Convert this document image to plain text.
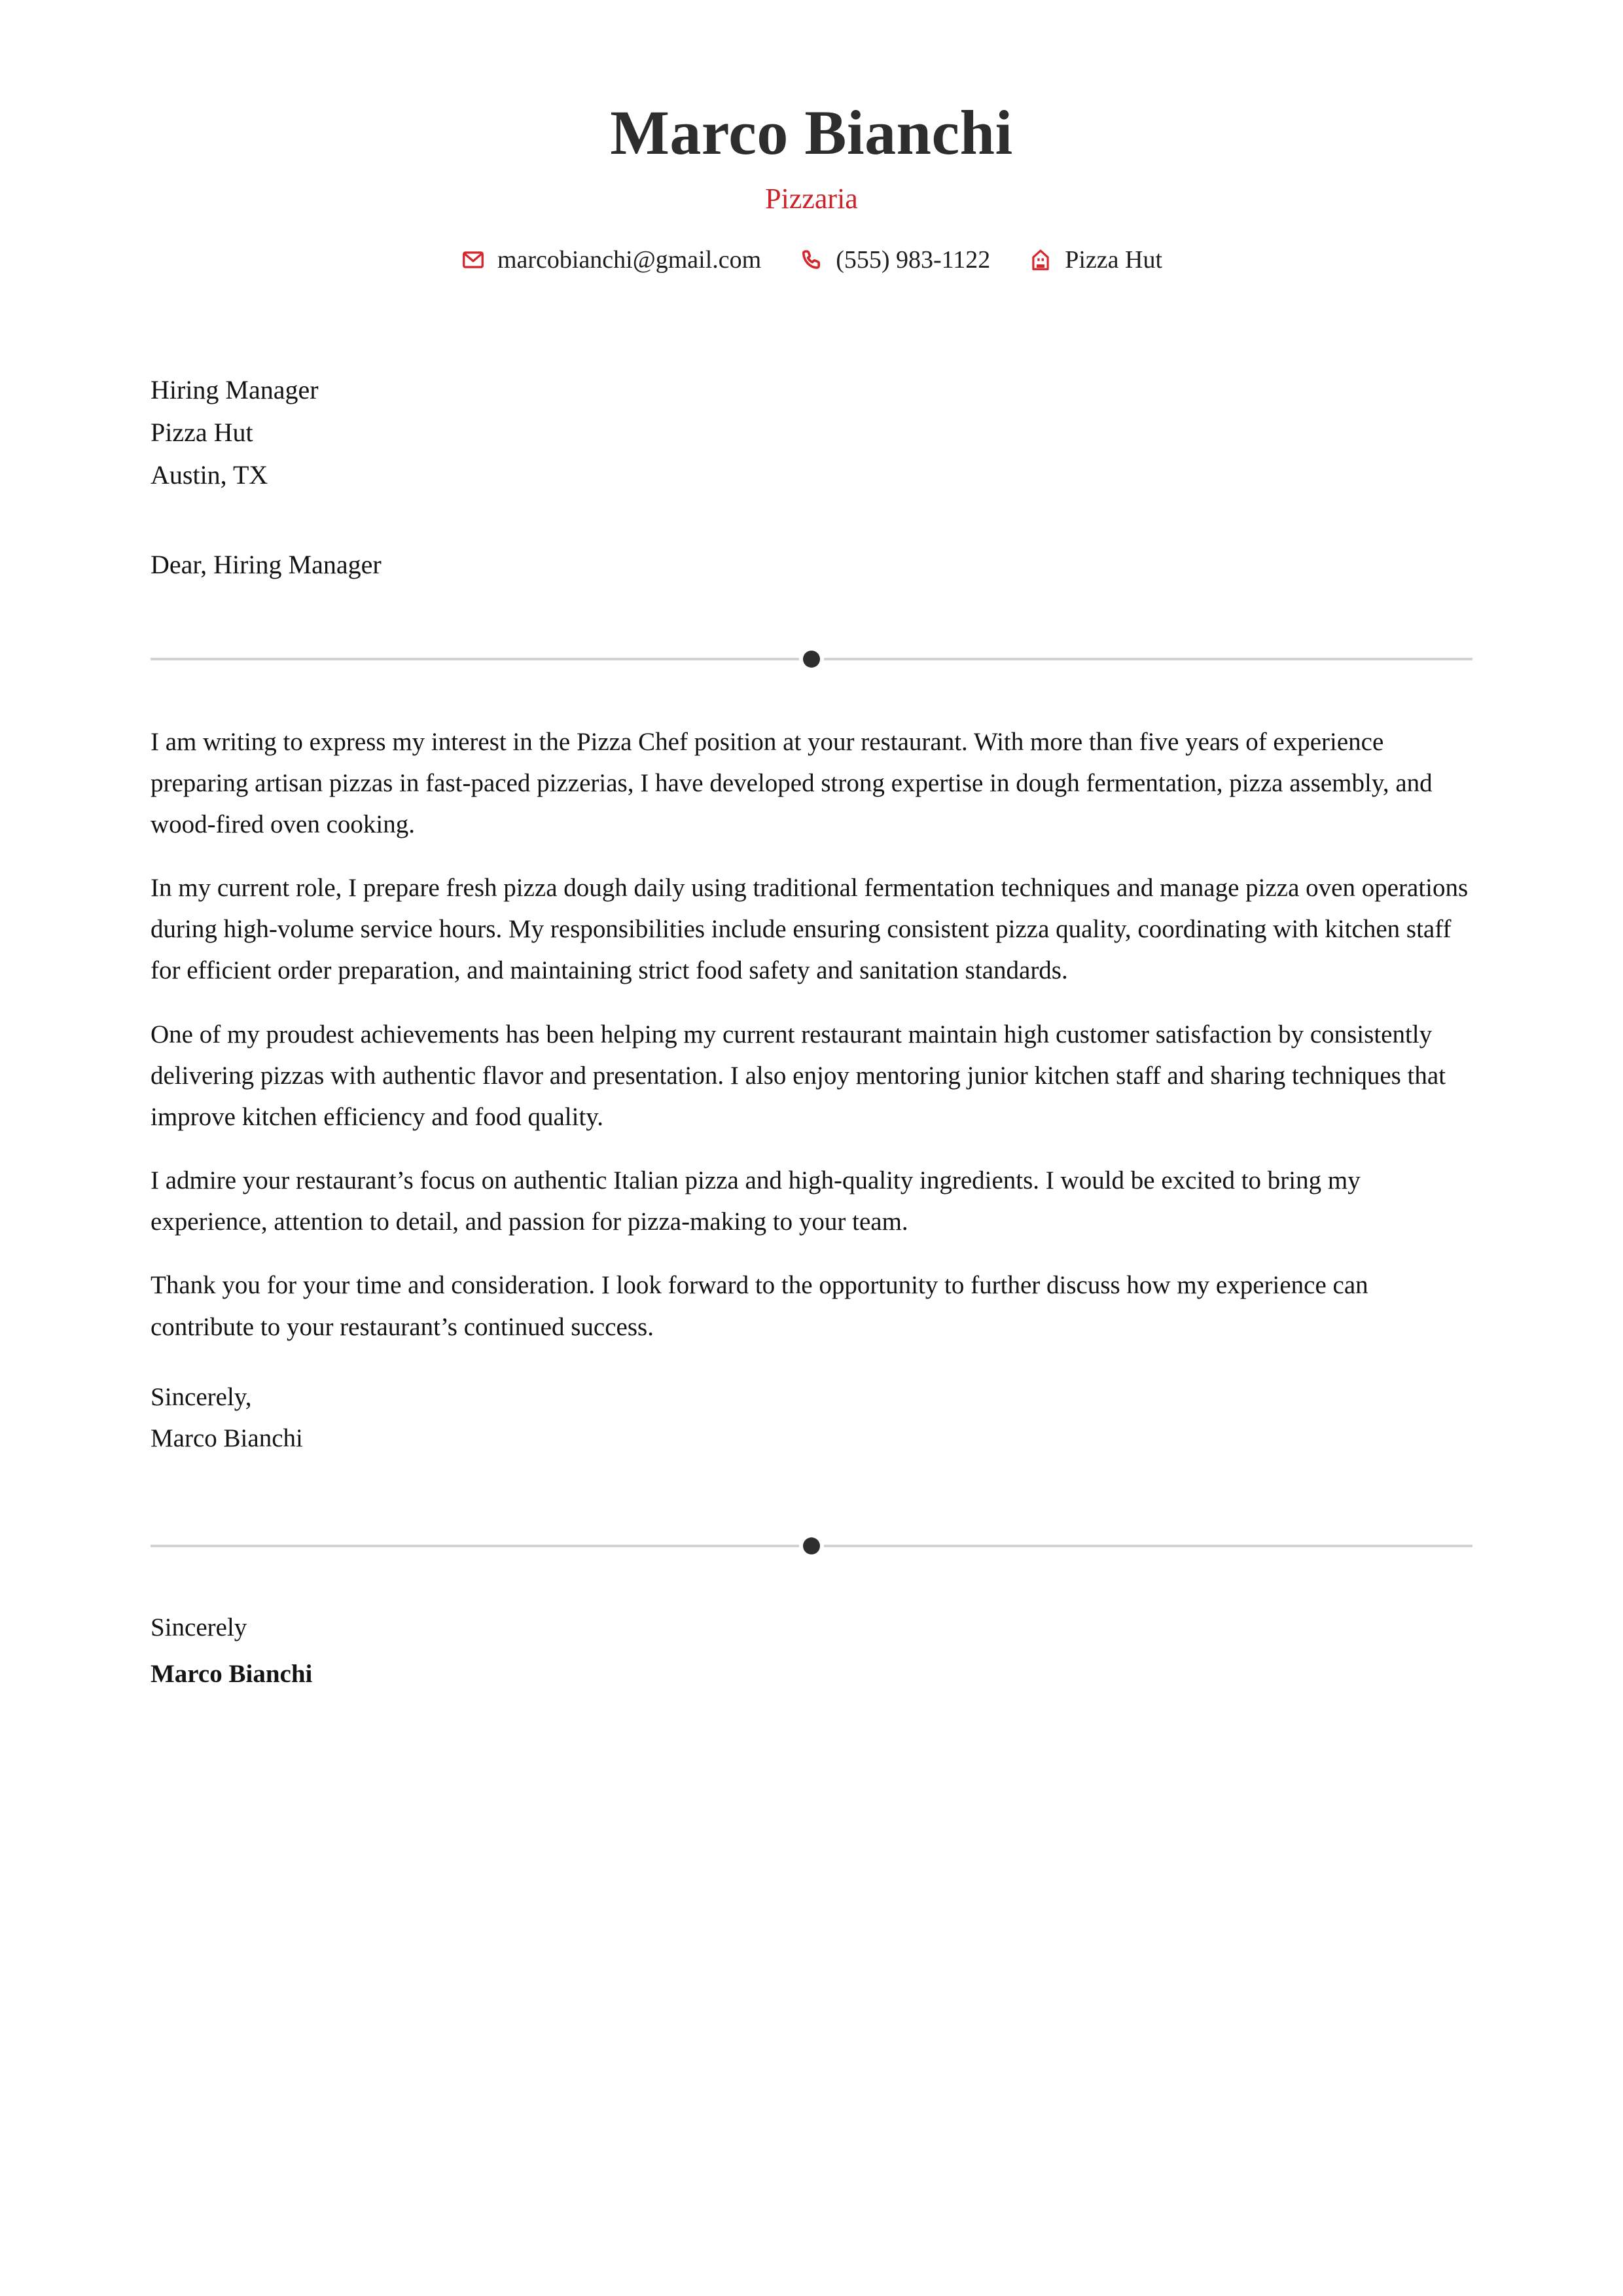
Marco Bianchi
Pizzaria
marcobianchi@gmail.com	(555) 983-1122	Pizza Hut
Hiring Manager
Pizza Hut
Austin, TX
Dear, Hiring Manager

I am writing to express my interest in the Pizza Chef position at your restaurant. With more than five years of experience preparing artisan pizzas in fast-paced pizzerias, I have developed strong expertise in dough fermentation, pizza assembly, and wood-fired oven cooking.

In my current role, I prepare fresh pizza dough daily using traditional fermentation techniques and manage pizza oven operations during high-volume service hours. My responsibilities include ensuring consistent pizza quality, coordinating with kitchen staff for efficient order preparation, and maintaining strict food safety and sanitation standards.

One of my proudest achievements has been helping my current restaurant maintain high customer satisfaction by consistently delivering pizzas with authentic flavor and presentation. I also enjoy mentoring junior kitchen staff and sharing techniques that improve kitchen efficiency and food quality.

I admire your restaurant’s focus on authentic Italian pizza and high-quality ingredients. I would be excited to bring my experience, attention to detail, and passion for pizza-making to your team.

Thank you for your time and consideration. I look forward to the opportunity to further discuss how my experience can contribute to your restaurant’s continued success.

Sincerely,
Marco Bianchi
Sincerely
Marco Bianchi
